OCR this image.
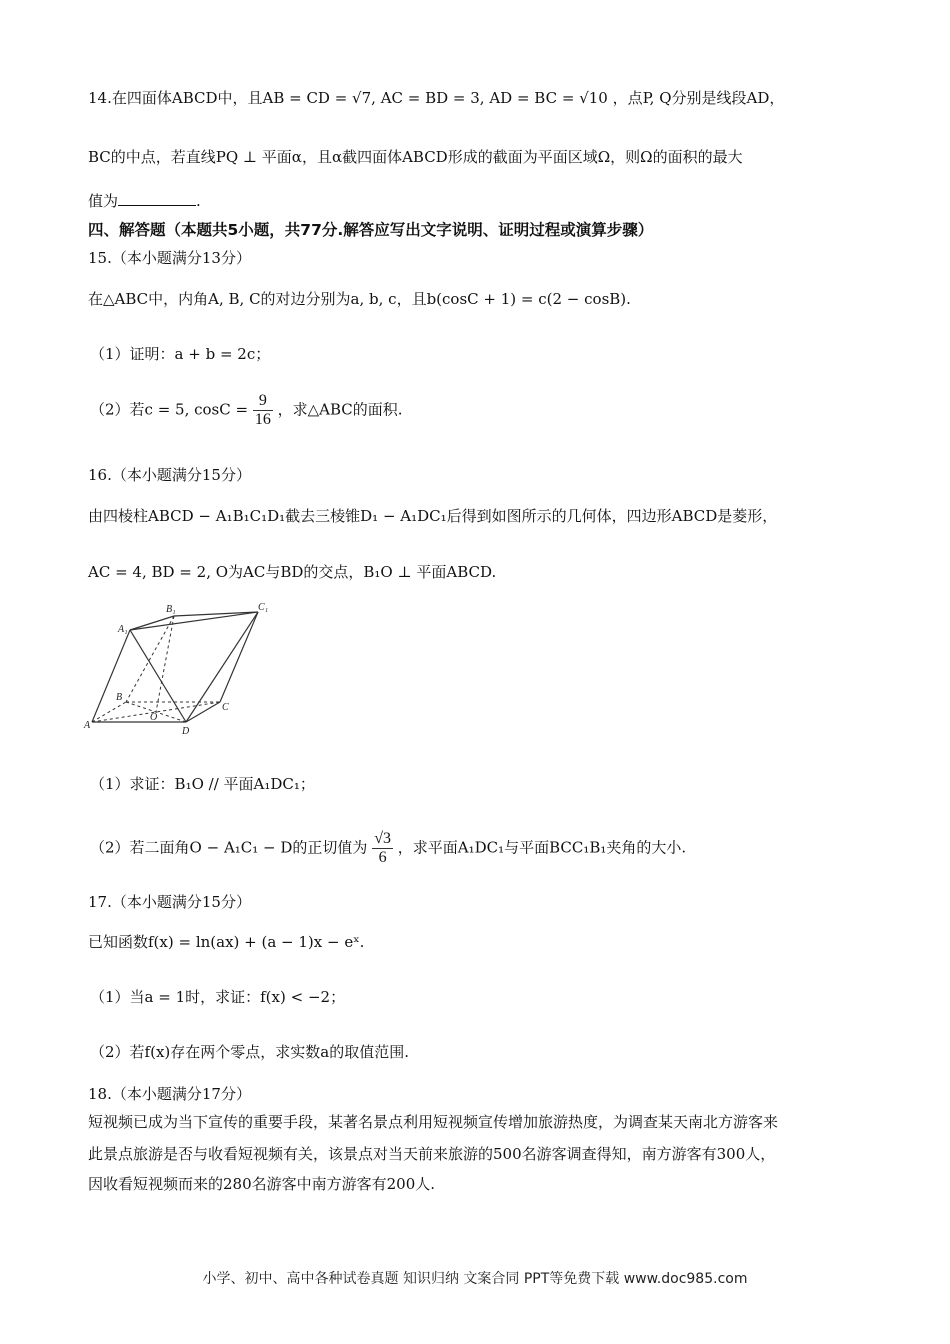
14.在四面体ABCD中，且AB = CD = √7, AC = BD = 3, AD = BC = √10 ，点P, Q分别是线段AD，
BC的中点，若直线PQ ⊥ 平面α，且α截四面体ABCD形成的截面为平面区域Ω，则Ω的面积的最大
值为	.
四、解答题（本题共5小题，共77分.解答应写出文字说明、证明过程或演算步骤）
15.（本小题满分13分）
在△ABC中，内角A, B, C的对边分别为a, b, c，且b(cosC + 1) = c(2 − cosB).
（1）证明：a + b = 2c；
（2）若c = 5, $\cos C = \frac{9}{16}$ ，求△ABC的面积.
16.（本小题满分15分）
由四棱柱ABCD − A₁B₁C₁D₁截去三棱锥D₁ − A₁DC₁后得到如图所示的几何体，四边形ABCD是菱形，
AC = 4, BD = 2, O为AC与BD的交点，B₁O ⊥ 平面ABCD.
B₁	C₁
A₁
B
C
O
A
D
（1）求证：B₁O // 平面A₁DC₁；
（2）若二面角O − A₁C₁ − D的正切值为 $\frac{√3}{6}$ ，求平面A₁DC₁与平面BCC₁B₁夹角的大小.
17.（本小题满分15分）
已知函数f(x) = ln(ax) + (a − 1)x − eˣ.
（1）当a = 1时，求证：f(x) < −2；
（2）若f(x)存在两个零点，求实数a的取值范围.
18.（本小题满分17分）
短视频已成为当下宣传的重要手段，某著名景点利用短视频宣传增加旅游热度，为调查某天南北方游客来
此景点旅游是否与收看短视频有关，该景点对当天前来旅游的500名游客调查得知，南方游客有300人，
因收看短视频而来的280名游客中南方游客有200人.
小学、初中、高中各种试卷真题 知识归纳 文案合同 PPT等免费下载 www.doc985.com
